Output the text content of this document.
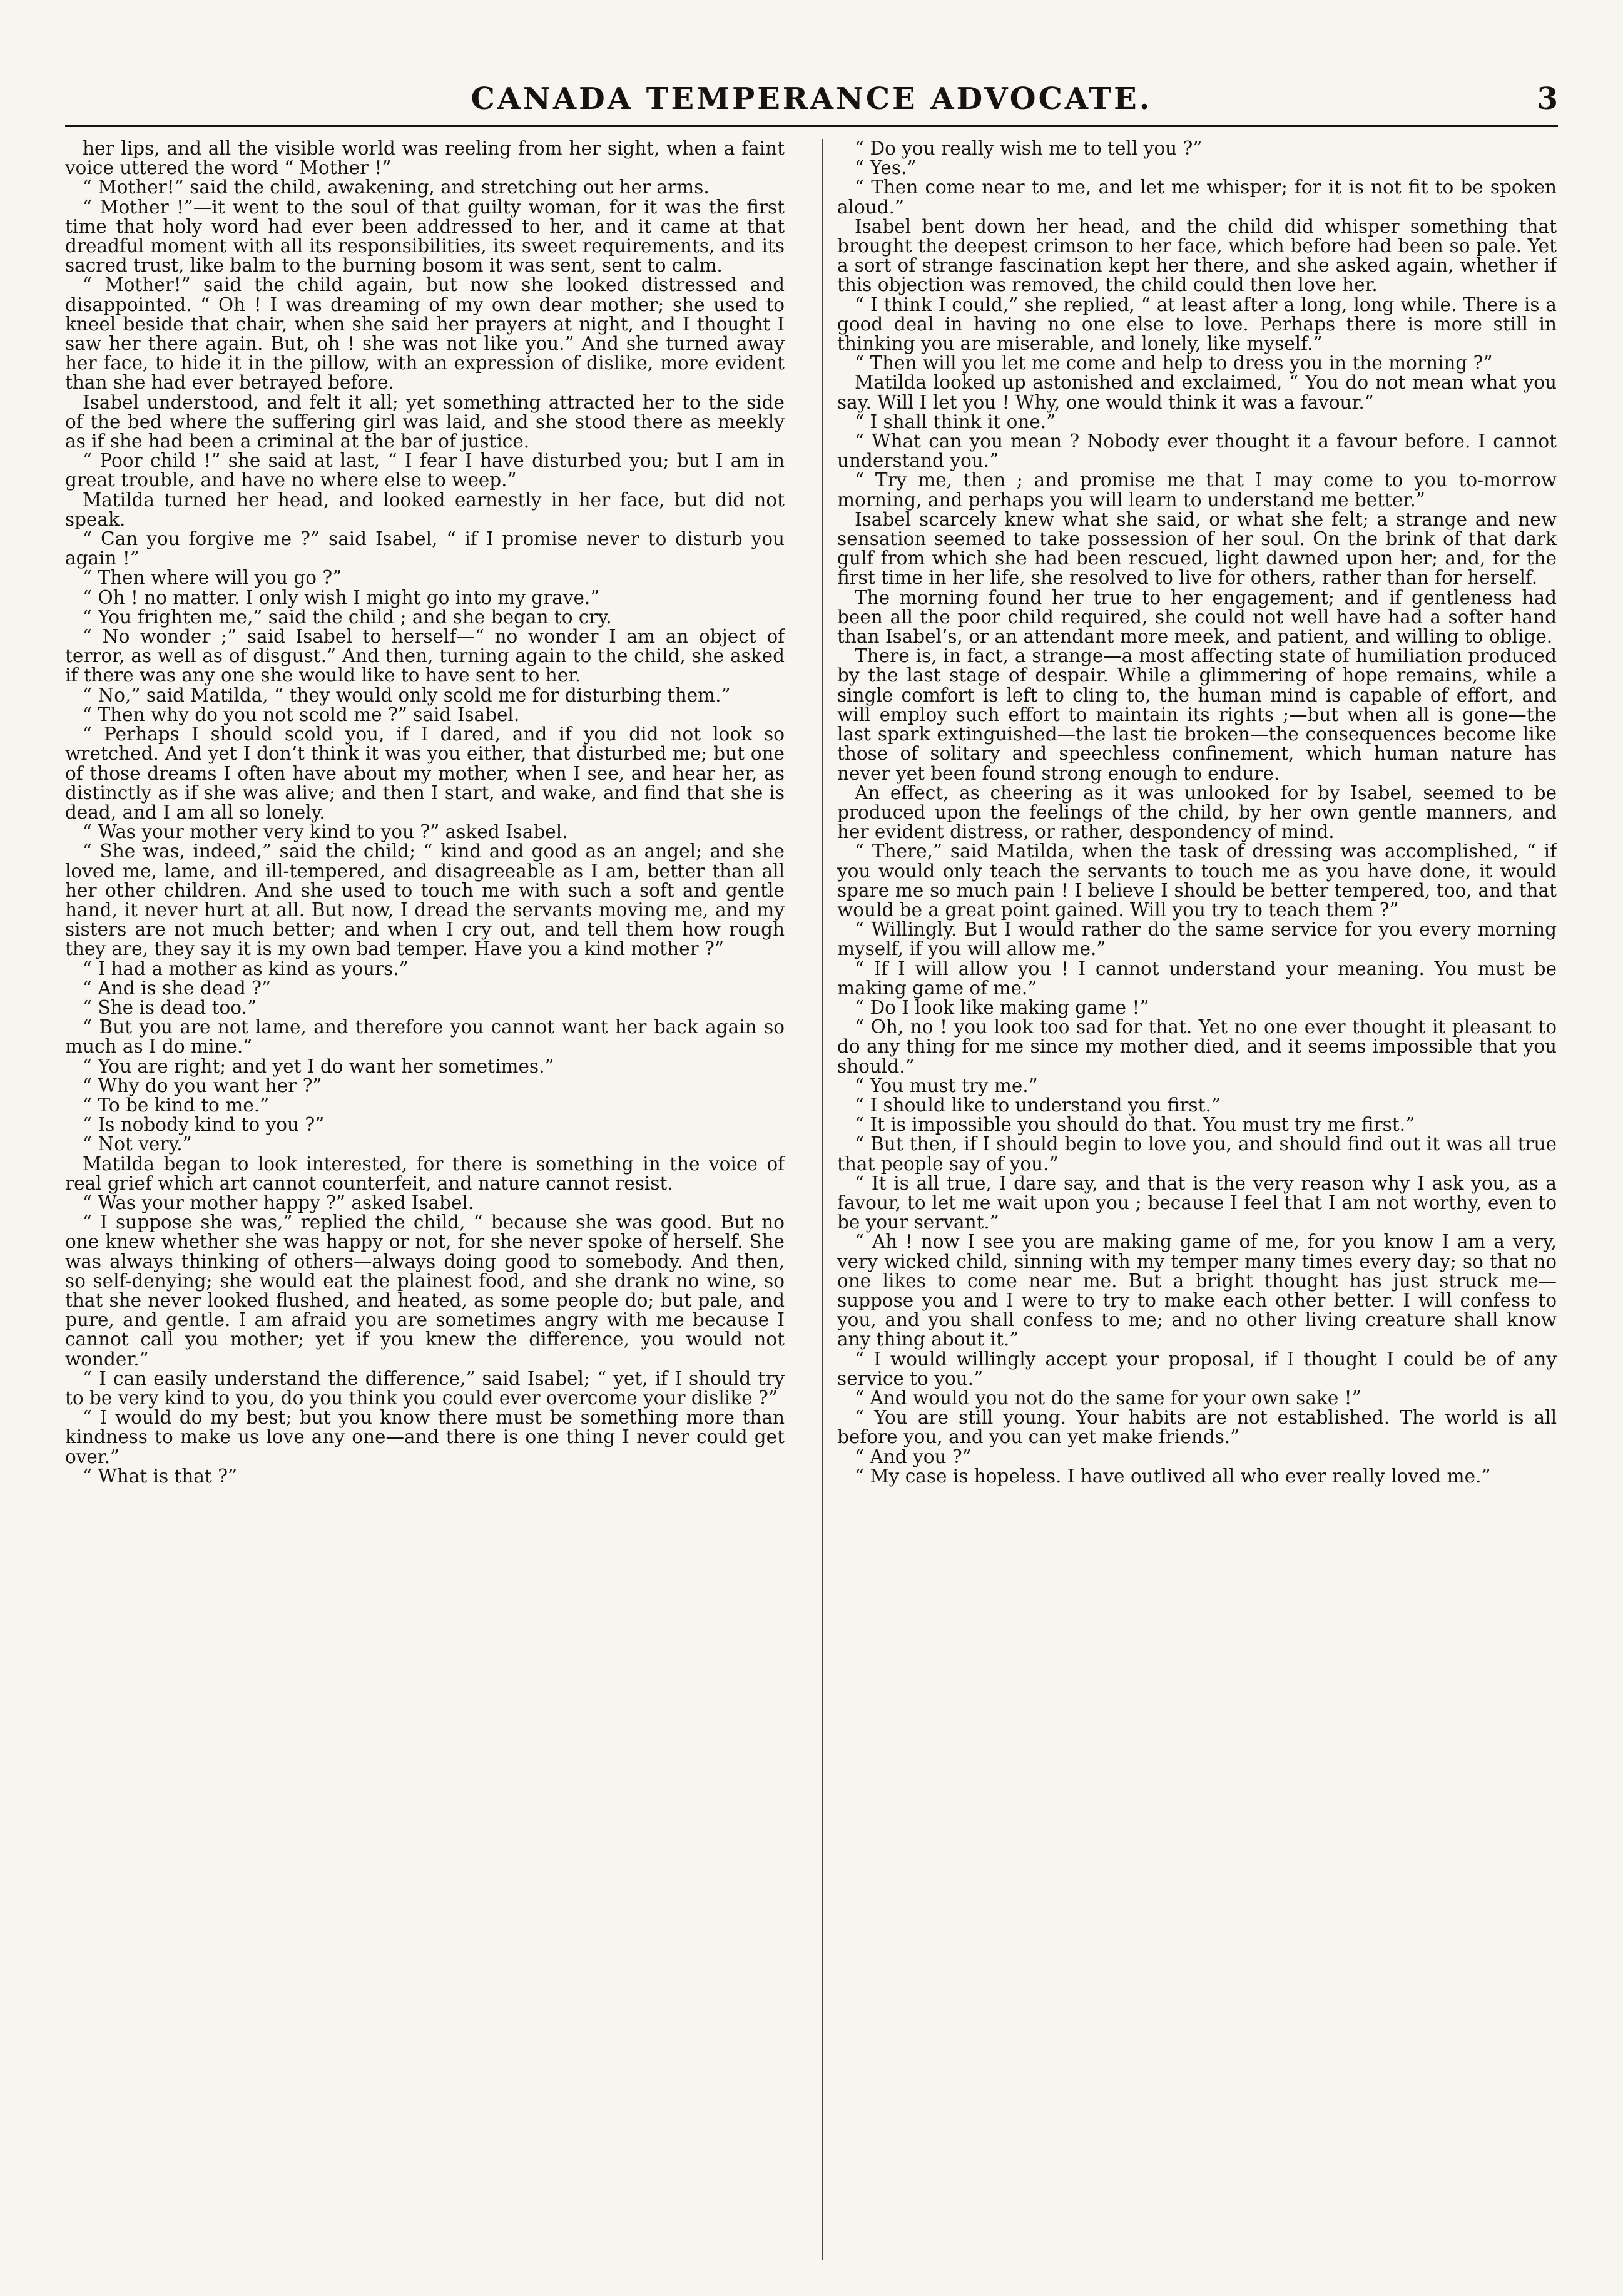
CANADA TEMPERANCE ADVOCATE.	3

her lips, and all the visible world was reeling from her sight, when a faint voice uttered the word “ Mother !”

“ Mother!” said the child, awakening, and stretching out her arms.

“ Mother !”—it went to the soul of that guilty woman, for it was the first time that holy word had ever been addressed to her, and it came at that dreadful moment with all its responsibilities, its sweet requirements, and its sacred trust, like balm to the burning bosom it was sent, sent to calm.

“ Mother!” said the child again, but now she looked distressed and disappointed. “ Oh ! I was dreaming of my own dear mother; she used to kneel beside that chair, when she said her prayers at night, and I thought I saw her there again. But, oh ! she was not like you.” And she turned away her face, to hide it in the pillow, with an expression of dislike, more evident than she had ever betrayed before.

Isabel understood, and felt it all; yet something attracted her to the side of the bed where the suffering girl was laid, and she stood there as meekly as if she had been a criminal at the bar of justice.

“ Poor child !” she said at last, “ I fear I have disturbed you; but I am in great trouble, and have no where else to weep.”

Matilda turned her head, and looked earnestly in her face, but did not speak.

“ Can you forgive me ?” said Isabel, “ if I promise never to disturb you again !”

“ Then where will you go ?”

“ Oh ! no matter. I only wish I might go into my grave.”

“ You frighten me,” said the child ; and she began to cry.

“ No wonder ;” said Isabel to herself—“ no wonder I am an object of terror, as well as of disgust.” And then, turning again to the child, she asked if there was any one she would like to have sent to her.

“ No,” said Matilda, “ they would only scold me for disturbing them.”

“ Then why do you not scold me ?” said Isabel.

“ Perhaps I should scold you, if I dared, and if you did not look so wretched. And yet I don’t think it was you either, that disturbed me; but one of those dreams I often have about my mother, when I see, and hear her, as distinctly as if she was alive; and then I start, and wake, and find that she is dead, and I am all so lonely.

“ Was your mother very kind to you ?” asked Isabel.

“ She was, indeed,” said the child; “ kind and good as an angel; and she loved me, lame, and ill-tempered, and disagreeable as I am, better than all her other children. And she used to touch me with such a soft and gentle hand, it never hurt at all. But now, I dread the servants moving me, and my sisters are not much better; and when I cry out, and tell them how rough they are, they say it is my own bad temper. Have you a kind mother ?”

“ I had a mother as kind as yours.”

“ And is she dead ?”

“ She is dead too.”

“ But you are not lame, and therefore you cannot want her back again so much as I do mine.”

“ You are right; and yet I do want her sometimes.”

“ Why do you want her ?”

“ To be kind to me.”

“ Is nobody kind to you ?”

“ Not very.”

Matilda began to look interested, for there is something in the voice of real grief which art cannot counterfeit, and nature cannot resist.

“ Was your mother happy ?” asked Isabel.

“ I suppose she was,” replied the child, “ because she was good. But no one knew whether she was happy or not, for she never spoke of herself. She was always thinking of others—always doing good to somebody. And then, so self-denying; she would eat the plainest food, and she drank no wine, so that she never looked flushed, and heated, as some people do; but pale, and pure, and gentle. I am afraid you are sometimes angry with me because I cannot call you mother; yet if you knew the difference, you would not wonder.”

“ I can easily understand the difference,” said Isabel; “ yet, if I should try to be very kind to you, do you think you could ever overcome your dislike ?”

“ I would do my best; but you know there must be something more than kindness to make us love any one—and there is one thing I never could get over.”

“ What is that ?”

“ Do you really wish me to tell you ?”

“ Yes.”

“ Then come near to me, and let me whisper; for it is not fit to be spoken aloud.”

Isabel bent down her head, and the child did whisper something that brought the deepest crimson to her face, which before had been so pale. Yet a sort of strange fascination kept her there, and she asked again, whether if this objection was removed, the child could then love her.

“ I think I could,” she replied, “ at least after a long, long while. There is a good deal in having no one else to love. Perhaps there is more still in thinking you are miserable, and lonely, like myself.”

“ Then will you let me come and help to dress you in the morning ?”

Matilda looked up astonished and exclaimed, “ You do not mean what you say. Will I let you ! Why, one would think it was a favour.”

“ I shall think it one.”

“ What can you mean ? Nobody ever thought it a favour before. I cannot understand you.”

“ Try me, then ; and promise me that I may come to you to-morrow morning, and perhaps you will learn to understand me better.”

Isabel scarcely knew what she said, or what she felt; a strange and new sensation seemed to take possession of her soul. On the brink of that dark gulf from which she had been rescued, light dawned upon her; and, for the first time in her life, she resolved to live for others, rather than for herself.

The morning found her true to her engagement; and if gentleness had been all the poor child required, she could not well have had a softer hand than Isabel’s, or an attendant more meek, and patient, and willing to oblige.

There is, in fact, a strange—a most affecting state of humiliation produced by the last stage of despair. While a glimmering of hope remains, while a single comfort is left to cling to, the human mind is capable of effort, and will employ such effort to maintain its rights ;—but when all is gone—the last spark extinguished—the last tie broken—the consequences become like those of solitary and speechless confinement, which human nature has never yet been found strong enough to endure.

An effect, as cheering as it was unlooked for by Isabel, seemed to be produced upon the feelings of the child, by her own gentle manners, and her evident distress, or rather, despondency of mind.

“ There,” said Matilda, when the task of dressing was accomplished, “ if you would only teach the servants to touch me as you have done, it would spare me so much pain ! I believe I should be better tempered, too, and that would be a great point gained. Will you try to teach them ?”

“ Willingly. But I would rather do the same service for you every morning myself, if you will allow me.”

“ If I will allow you ! I cannot understand your meaning. You must be making game of me.”

“ Do I look like making game !”

“ Oh, no ! you look too sad for that. Yet no one ever thought it pleasant to do any thing for me since my mother died, and it seems impossible that you should.”

“ You must try me.”

“ I should like to understand you first.”

“ It is impossible you should do that. You must try me first.”

“ But then, if I should begin to love you, and should find out it was all true that people say of you.”

“ It is all true, I dare say, and that is the very reason why I ask you, as a favour, to let me wait upon you ; because I feel that I am not worthy, even to be your servant.”

“ Ah ! now I see you are making game of me, for you know I am a very, very wicked child, sinning with my temper many times every day; so that no one likes to come near me. But a bright thought has just struck me—suppose you and I were to try to make each other better. I will confess to you, and you shall confess to me; and no other living creature shall know any thing about it.”

“ I would willingly accept your proposal, if I thought I could be of any service to you.”

“ And would you not do the same for your own sake !”

“ You are still young. Your habits are not established. The world is all before you, and you can yet make friends.”

“ And you ?”

“ My case is hopeless. I have outlived all who ever really loved me.”
